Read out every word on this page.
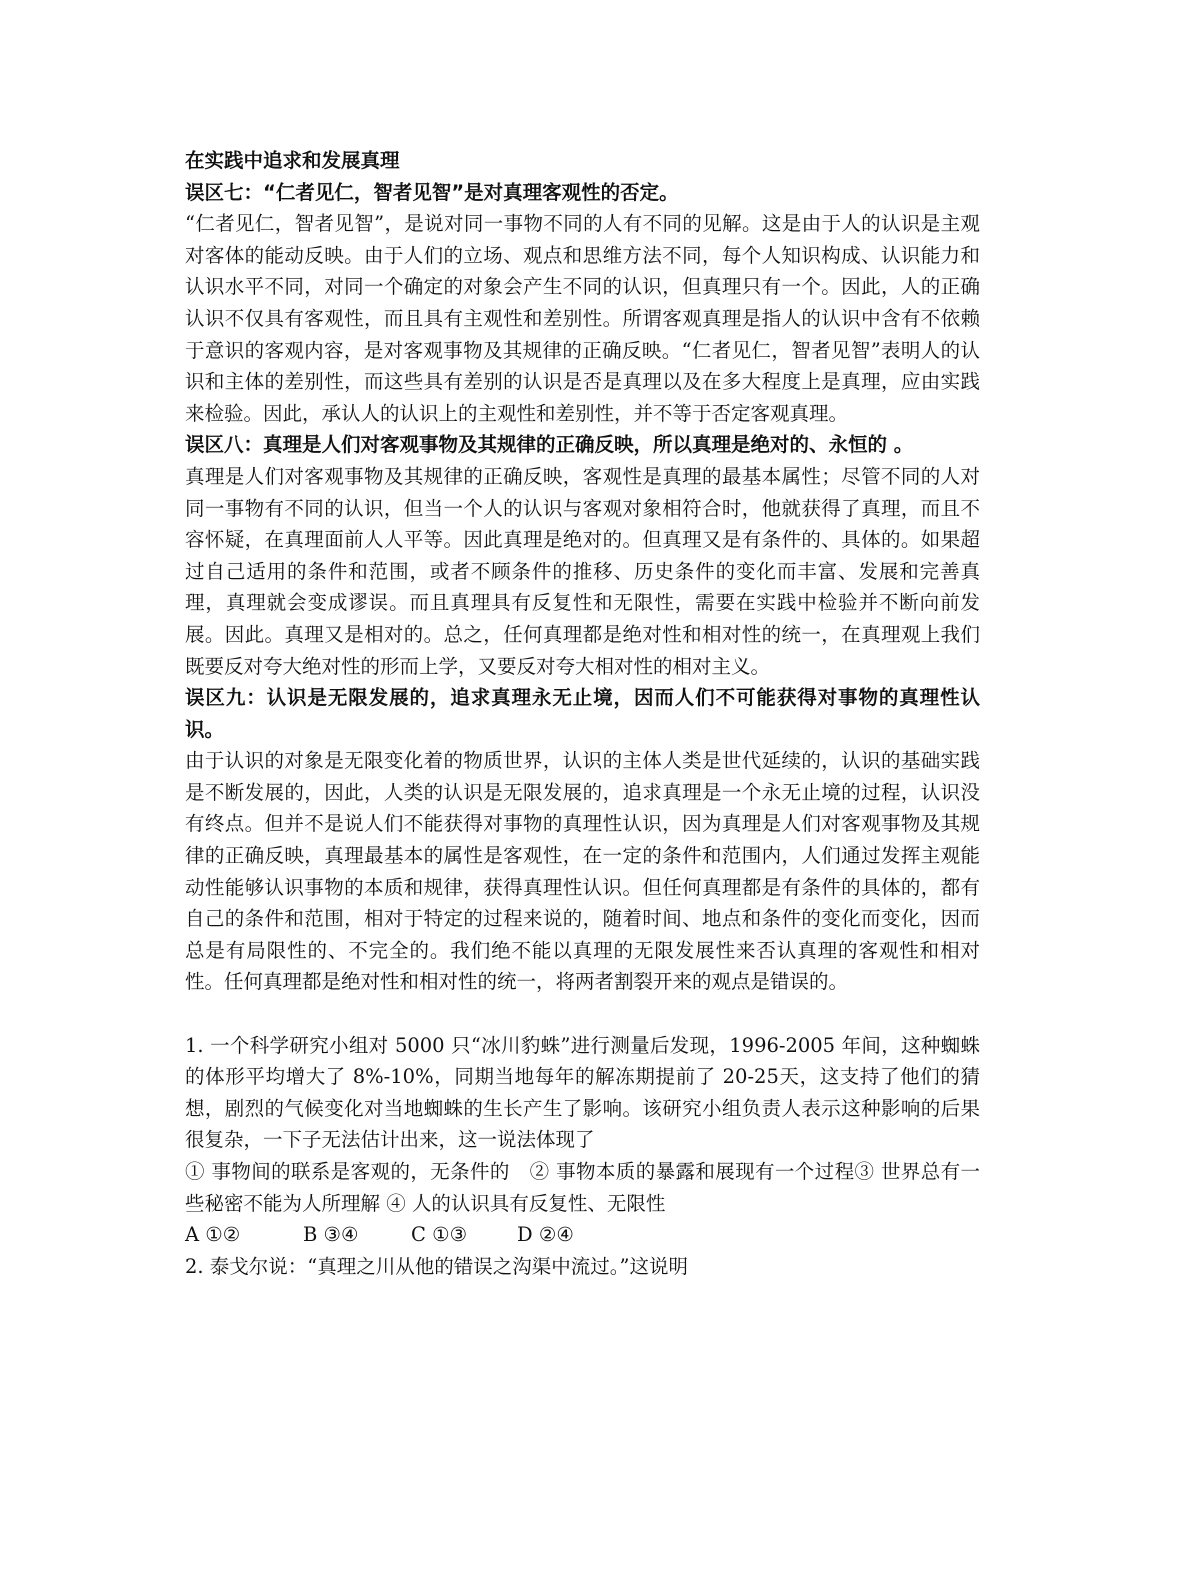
在实践中追求和发展真理

误区七：“仁者见仁，智者见智”是对真理客观性的否定。

“仁者见仁，智者见智”，是说对同一事物不同的人有不同的见解。这是由于人的认识是主观对客体的能动反映。由于人们的立场、观点和思维方法不同，每个人知识构成、认识能力和认识水平不同，对同一个确定的对象会产生不同的认识，但真理只有一个。因此，人的正确认识不仅具有客观性，而且具有主观性和差别性。所谓客观真理是指人的认识中含有不依赖于意识的客观内容，是对客观事物及其规律的正确反映。“仁者见仁，智者见智”表明人的认识和主体的差别性，而这些具有差别的认识是否是真理以及在多大程度上是真理，应由实践来检验。因此，承认人的认识上的主观性和差别性，并不等于否定客观真理。

误区八：真理是人们对客观事物及其规律的正确反映，所以真理是绝对的、永恒的 。

真理是人们对客观事物及其规律的正确反映，客观性是真理的最基本属性；尽管不同的人对同一事物有不同的认识，但当一个人的认识与客观对象相符合时，他就获得了真理，而且不容怀疑，在真理面前人人平等。因此真理是绝对的。但真理又是有条件的、具体的。如果超过自己适用的条件和范围，或者不顾条件的推移、历史条件的变化而丰富、发展和完善真理，真理就会变成谬误。而且真理具有反复性和无限性，需要在实践中检验并不断向前发展。因此。真理又是相对的。总之，任何真理都是绝对性和相对性的统一，在真理观上我们既要反对夸大绝对性的形而上学，又要反对夸大相对性的相对主义。

误区九：认识是无限发展的，追求真理永无止境，因而人们不可能获得对事物的真理性认识。

由于认识的对象是无限变化着的物质世界，认识的主体人类是世代延续的，认识的基础实践是不断发展的，因此，人类的认识是无限发展的，追求真理是一个永无止境的过程，认识没有终点。但并不是说人们不能获得对事物的真理性认识，因为真理是人们对客观事物及其规律的正确反映，真理最基本的属性是客观性，在一定的条件和范围内，人们通过发挥主观能动性能够认识事物的本质和规律，获得真理性认识。但任何真理都是有条件的具体的，都有自己的条件和范围，相对于特定的过程来说的，随着时间、地点和条件的变化而变化，因而总是有局限性的、不完全的。我们绝不能以真理的无限发展性来否认真理的客观性和相对性。任何真理都是绝对性和相对性的统一，将两者割裂开来的观点是错误的。

1. 一个科学研究小组对 5000 只“冰川豹蛛”进行测量后发现，1996-2005 年间，这种蜘蛛的体形平均增大了 8%-10%，同期当地每年的解冻期提前了 20-25天，这支持了他们的猜想，剧烈的气候变化对当地蜘蛛的生长产生了影响。该研究小组负责人表示这种影响的后果很复杂，一下子无法估计出来，这一说法体现了

① 事物间的联系是客观的，无条件的　② 事物本质的暴露和展现有一个过程③ 世界总有一些秘密不能为人所理解 ④ 人的认识具有反复性、无限性

A ①②	B ③④	C ①③	D ②④

2. 泰戈尔说：“真理之川从他的错误之沟渠中流过。”这说明
